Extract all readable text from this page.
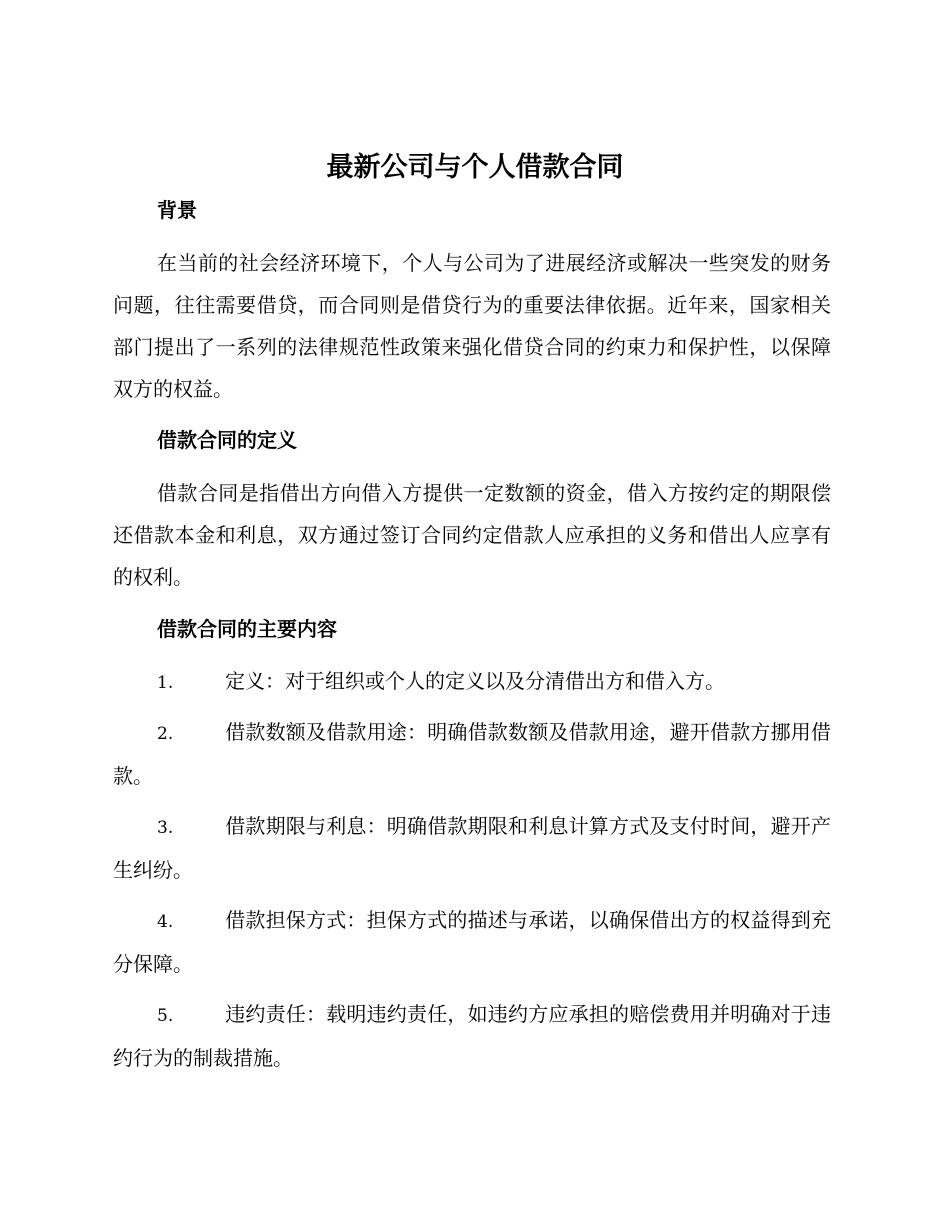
最新公司与个人借款合同
背景

在当前的社会经济环境下，个人与公司为了进展经济或解决一些突发的财务问题，往往需要借贷，而合同则是借贷行为的重要法律依据。近年来，国家相关部门提出了一系列的法律规范性政策来强化借贷合同的约束力和保护性，以保障双方的权益。

借款合同的定义

借款合同是指借出方向借入方提供一定数额的资金，借入方按约定的期限偿还借款本金和利息，双方通过签订合同约定借款人应承担的义务和借出人应享有的权利。

借款合同的主要内容

1.	定义：对于组织或个人的定义以及分清借出方和借入方。

2.	借款数额及借款用途：明确借款数额及借款用途，避开借款方挪用借款。

3.	借款期限与利息：明确借款期限和利息计算方式及支付时间，避开产生纠纷。

4.	借款担保方式：担保方式的描述与承诺，以确保借出方的权益得到充分保障。

5.	违约责任：载明违约责任，如违约方应承担的赔偿费用并明确对于违约行为的制裁措施。
